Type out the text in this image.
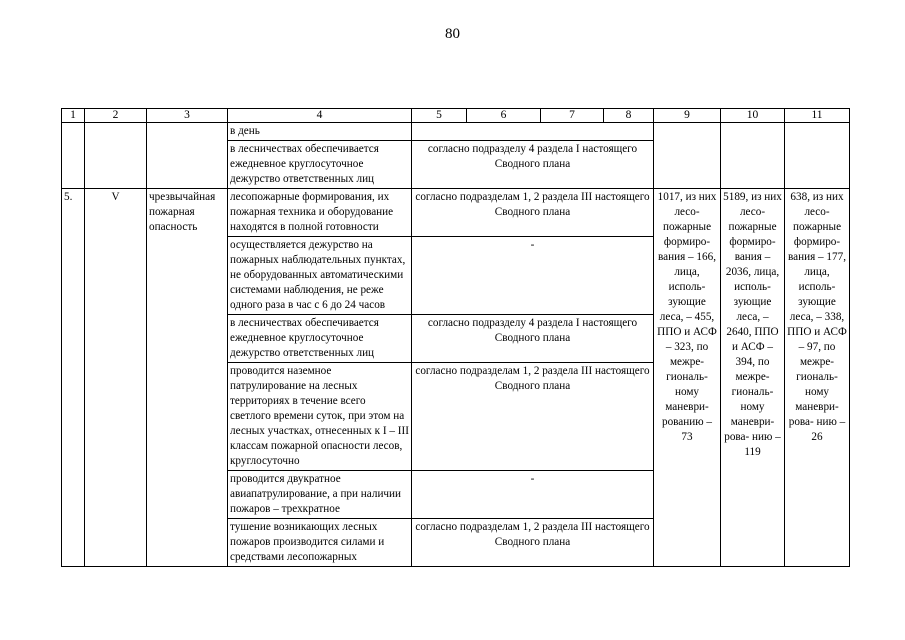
80
1	2	3	4	5	6	7	8	9	10	11
			в день							
			в лесничествах обеспечивается ежедневное круглосуточное дежурство ответственных лиц	согласно подразделу 4 раздела I настоящего Сводного плана						
5.	V	чрезвычайная пожарная опасность	лесопожарные формирования, их пожарная техника и оборудование находятся в полной готовности	согласно подразделам 1, 2 раздела III настоящего Сводного плана				1017, из них лесо- пожарные формиро- вания – 166, лица, исполь- зующие леса, – 455, ППО и АСФ – 323, по межре- гиональ- ному маневри- рованию – 73	5189, из них лесо- пожарные формиро- вания – 2036, лица, исполь- зующие леса, – 2640, ППО и АСФ – 394, по межре- гиональ- ному маневри- рова- нию – 119	638, из них лесо- пожарные формиро- вания – 177, лица, исполь- зующие леса, – 338, ППО и АСФ – 97, по межре- гиональ- ному маневри- рова- нию – 26
			осуществляется дежурство на пожарных наблюдательных пунктах, не оборудованных автоматическими системами наблюдения, не реже одного раза в час с 6 до 24 часов	-						
			в лесничествах обеспечивается ежедневное круглосуточное дежурство ответственных лиц	согласно подразделу 4 раздела I настоящего Сводного плана						
			проводится наземное патрулирование на лесных территориях в течение всего светлого времени суток, при этом на лесных участках, отнесенных к I – III классам пожарной опасности лесов, круглосуточно	согласно подразделам 1, 2 раздела III настоящего Сводного плана						
			проводится двукратное авиапатрулирование, а при наличии пожаров – трехкратное	-						
			тушение возникающих лесных пожаров производится силами и средствами лесопожарных	согласно подразделам 1, 2 раздела III настоящего Сводного плана						
